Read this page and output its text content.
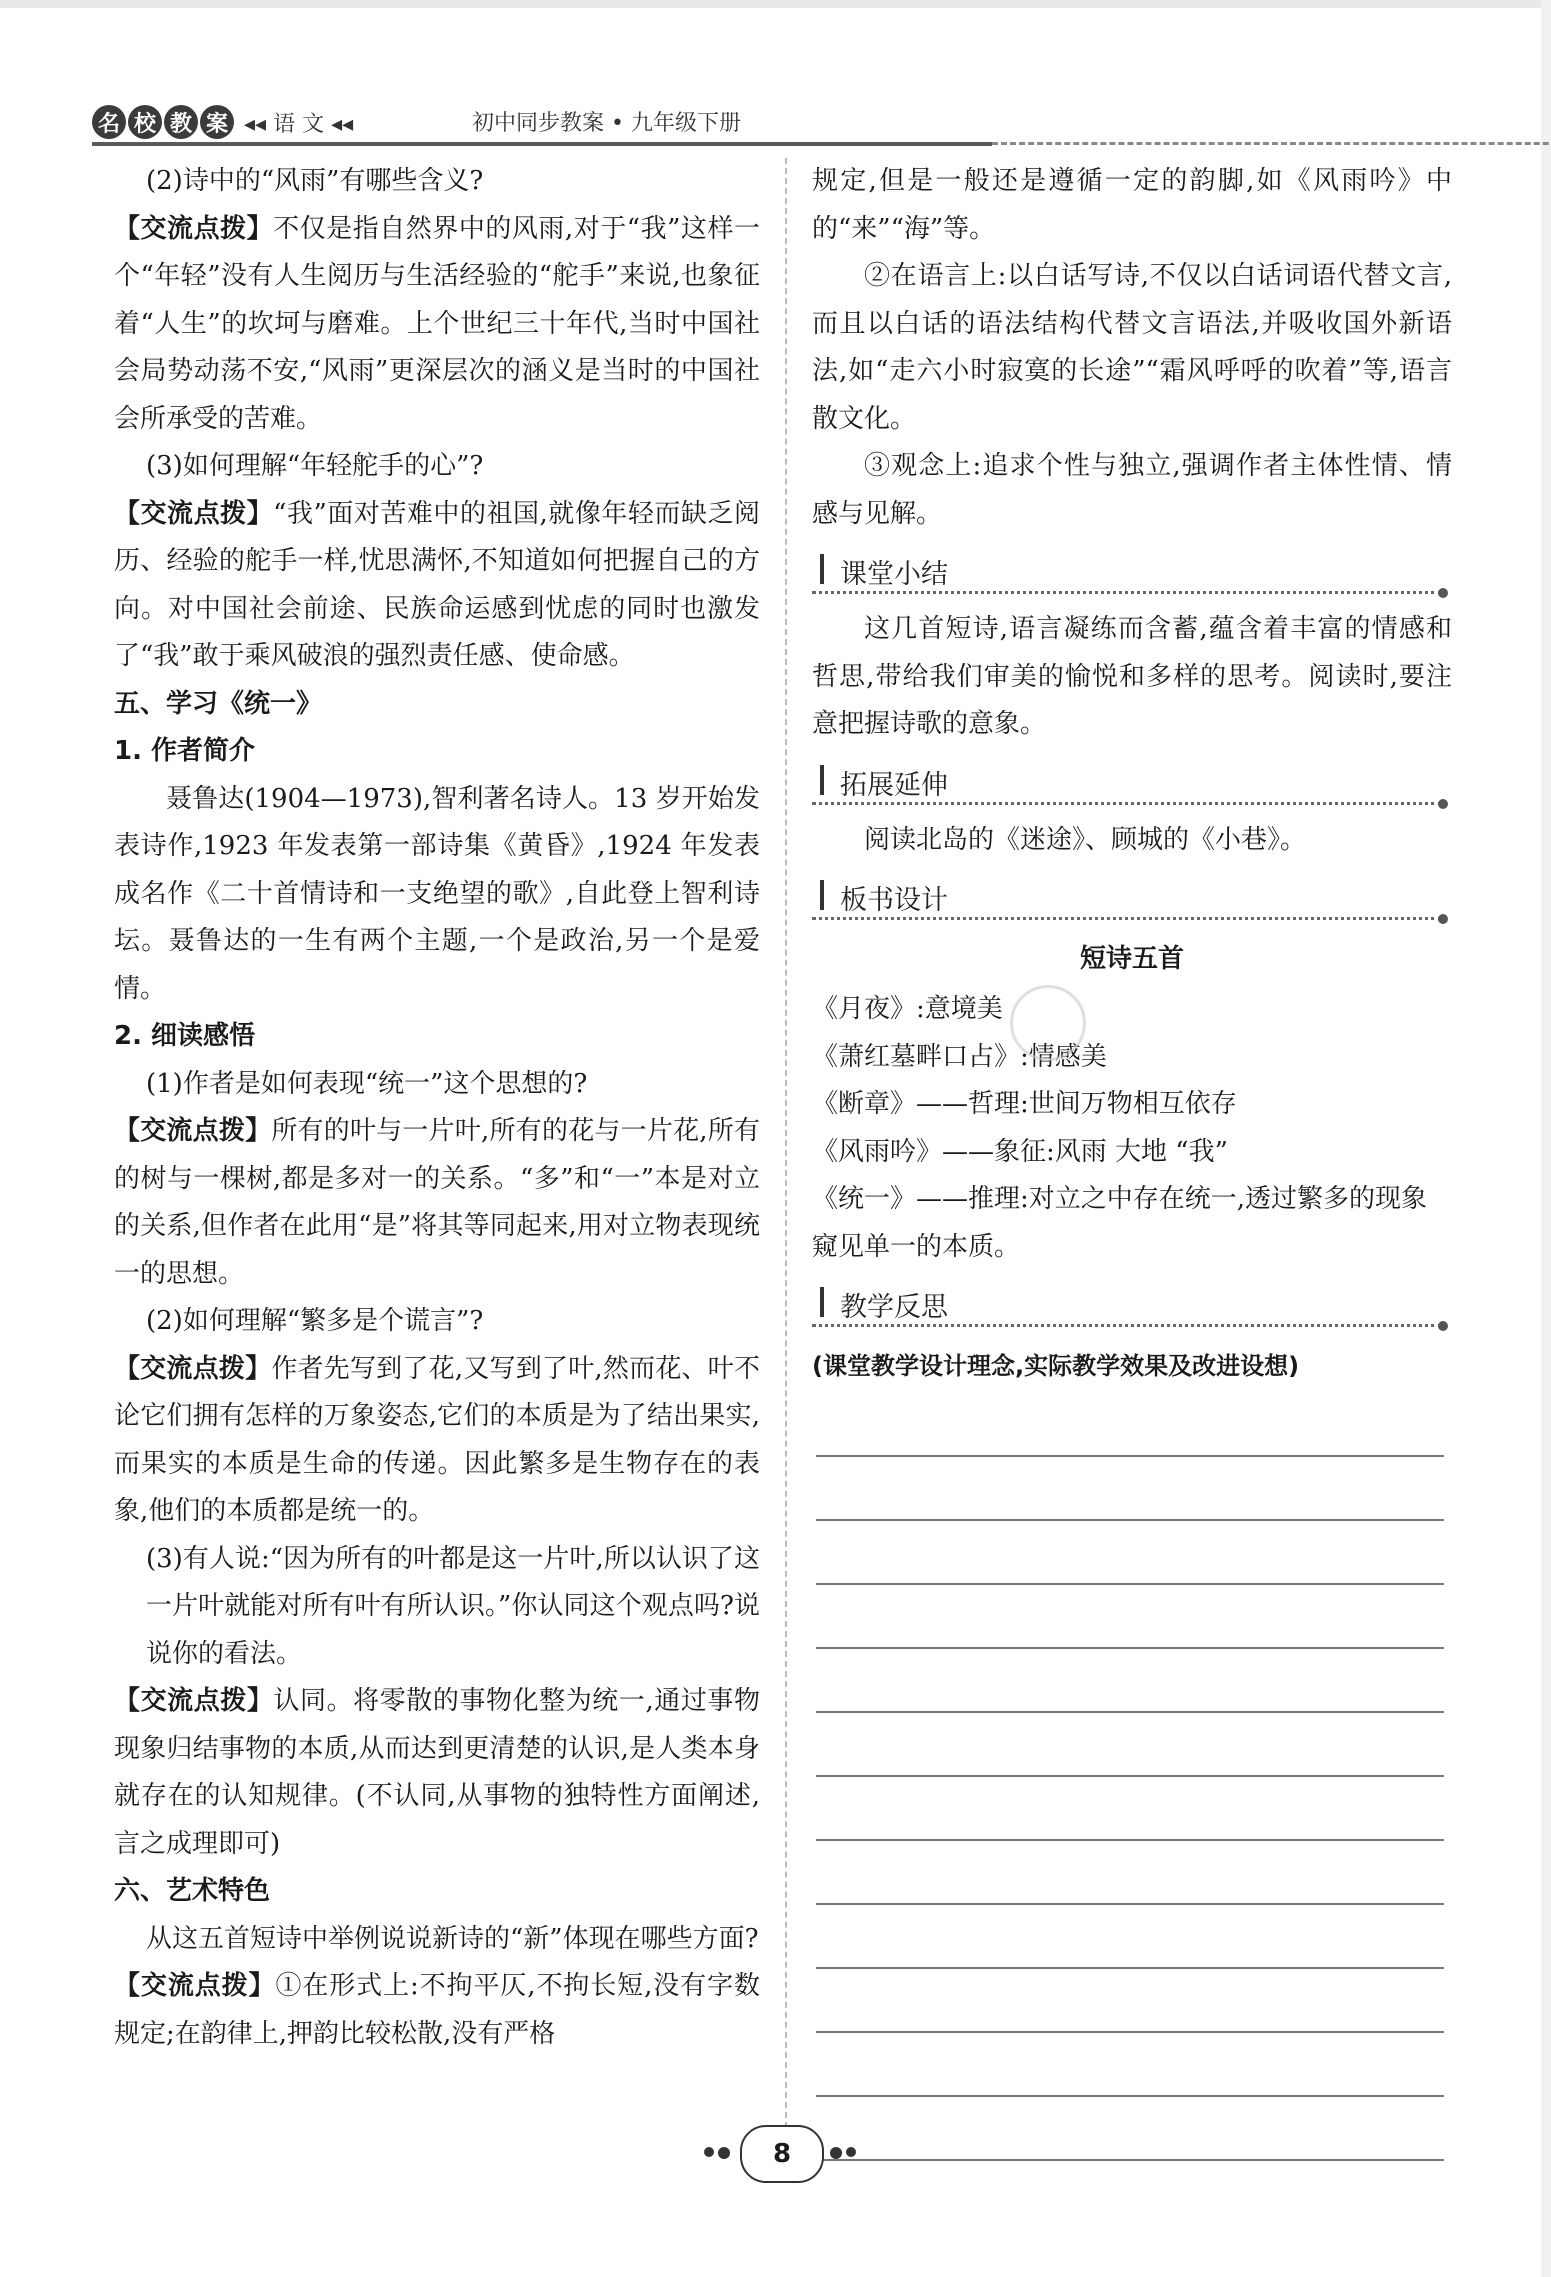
名 校 教 案 ◂◂ 语 文 ◂◂	初中同步教案 • 九年级下册

(2)诗中的“风雨”有哪些含义?

【交流点拨】不仅是指自然界中的风雨,对于“我”这样一个“年轻”没有人生阅历与生活经验的“舵手”来说,也象征着“人生”的坎坷与磨难。上个世纪三十年代,当时中国社会局势动荡不安,“风雨”更深层次的涵义是当时的中国社会所承受的苦难。

(3)如何理解“年轻舵手的心”?

【交流点拨】“我”面对苦难中的祖国,就像年轻而缺乏阅历、经验的舵手一样,忧思满怀,不知道如何把握自己的方向。对中国社会前途、民族命运感到忧虑的同时也激发了“我”敢于乘风破浪的强烈责任感、使命感。

五、学习《统一》

1. 作者简介

聂鲁达(1904—1973),智利著名诗人。13 岁开始发表诗作,1923 年发表第一部诗集《黄昏》,1924 年发表成名作《二十首情诗和一支绝望的歌》,自此登上智利诗坛。聂鲁达的一生有两个主题,一个是政治,另一个是爱情。

2. 细读感悟

(1)作者是如何表现“统一”这个思想的?

【交流点拨】所有的叶与一片叶,所有的花与一片花,所有的树与一棵树,都是多对一的关系。“多”和“一”本是对立的关系,但作者在此用“是”将其等同起来,用对立物表现统一的思想。

(2)如何理解“繁多是个谎言”?

【交流点拨】作者先写到了花,又写到了叶,然而花、叶不论它们拥有怎样的万象姿态,它们的本质是为了结出果实,而果实的本质是生命的传递。因此繁多是生物存在的表象,他们的本质都是统一的。

(3)有人说:“因为所有的叶都是这一片叶,所以认识了这一片叶就能对所有叶有所认识。”你认同这个观点吗?说说你的看法。

【交流点拨】认同。将零散的事物化整为统一,通过事物现象归结事物的本质,从而达到更清楚的认识,是人类本身就存在的认知规律。(不认同,从事物的独特性方面阐述,言之成理即可)

六、艺术特色

从这五首短诗中举例说说新诗的“新”体现在哪些方面?

【交流点拨】①在形式上:不拘平仄,不拘长短,没有字数规定;在韵律上,押韵比较松散,没有严格

规定,但是一般还是遵循一定的韵脚,如《风雨吟》中的“来”“海”等。

②在语言上:以白话写诗,不仅以白话词语代替文言,而且以白话的语法结构代替文言语法,并吸收国外新语法,如“走六小时寂寞的长途”“霜风呼呼的吹着”等,语言散文化。

③观念上:追求个性与独立,强调作者主体性情、情感与见解。

课堂小结

这几首短诗,语言凝练而含蓄,蕴含着丰富的情感和哲思,带给我们审美的愉悦和多样的思考。阅读时,要注意把握诗歌的意象。

拓展延伸

阅读北岛的《迷途》、顾城的《小巷》。

板书设计

短诗五首

《月夜》:意境美

《萧红墓畔口占》:情感美

《断章》——哲理:世间万物相互依存

《风雨吟》——象征:风雨 大地 “我”

《统一》——推理:对立之中存在统一,透过繁多的现象窥见单一的本质。

教学反思

(课堂教学设计理念,实际教学效果及改进设想)

8
